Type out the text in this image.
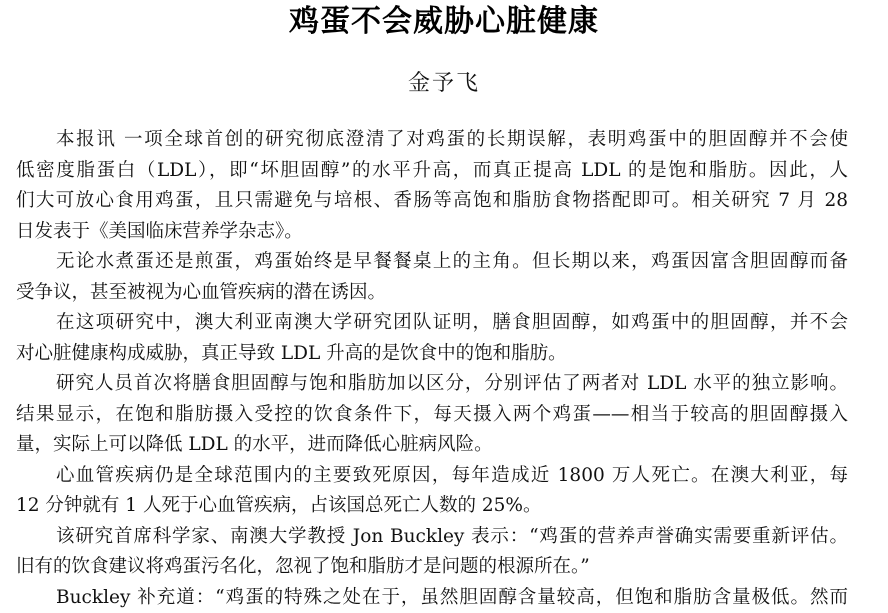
鸡蛋不会威胁心脏健康
金予飞
本报讯 一项全球首创的研究彻底澄清了对鸡蛋的长期误解，表明鸡蛋中的胆固醇并不会使
低密度脂蛋白（LDL），即“坏胆固醇”的水平升高，而真正提高 LDL 的是饱和脂肪。因此，人
们大可放心食用鸡蛋，且只需避免与培根、香肠等高饱和脂肪食物搭配即可。相关研究 7 月 28
日发表于《美国临床营养学杂志》。
无论水煮蛋还是煎蛋，鸡蛋始终是早餐餐桌上的主角。但长期以来，鸡蛋因富含胆固醇而备
受争议，甚至被视为心血管疾病的潜在诱因。
在这项研究中，澳大利亚南澳大学研究团队证明，膳食胆固醇，如鸡蛋中的胆固醇，并不会
对心脏健康构成威胁，真正导致 LDL 升高的是饮食中的饱和脂肪。
研究人员首次将膳食胆固醇与饱和脂肪加以区分，分别评估了两者对 LDL 水平的独立影响。
结果显示，在饱和脂肪摄入受控的饮食条件下，每天摄入两个鸡蛋——相当于较高的胆固醇摄入
量，实际上可以降低 LDL 的水平，进而降低心脏病风险。
心血管疾病仍是全球范围内的主要致死原因，每年造成近 1800 万人死亡。在澳大利亚，每
12 分钟就有 1 人死于心血管疾病，占该国总死亡人数的 25%。
该研究首席科学家、南澳大学教授 Jon Buckley 表示：“鸡蛋的营养声誉确实需要重新评估。
旧有的饮食建议将鸡蛋污名化，忽视了饱和脂肪才是问题的根源所在。”
Buckley 补充道：“鸡蛋的特殊之处在于，虽然胆固醇含量较高，但饱和脂肪含量极低。然而
